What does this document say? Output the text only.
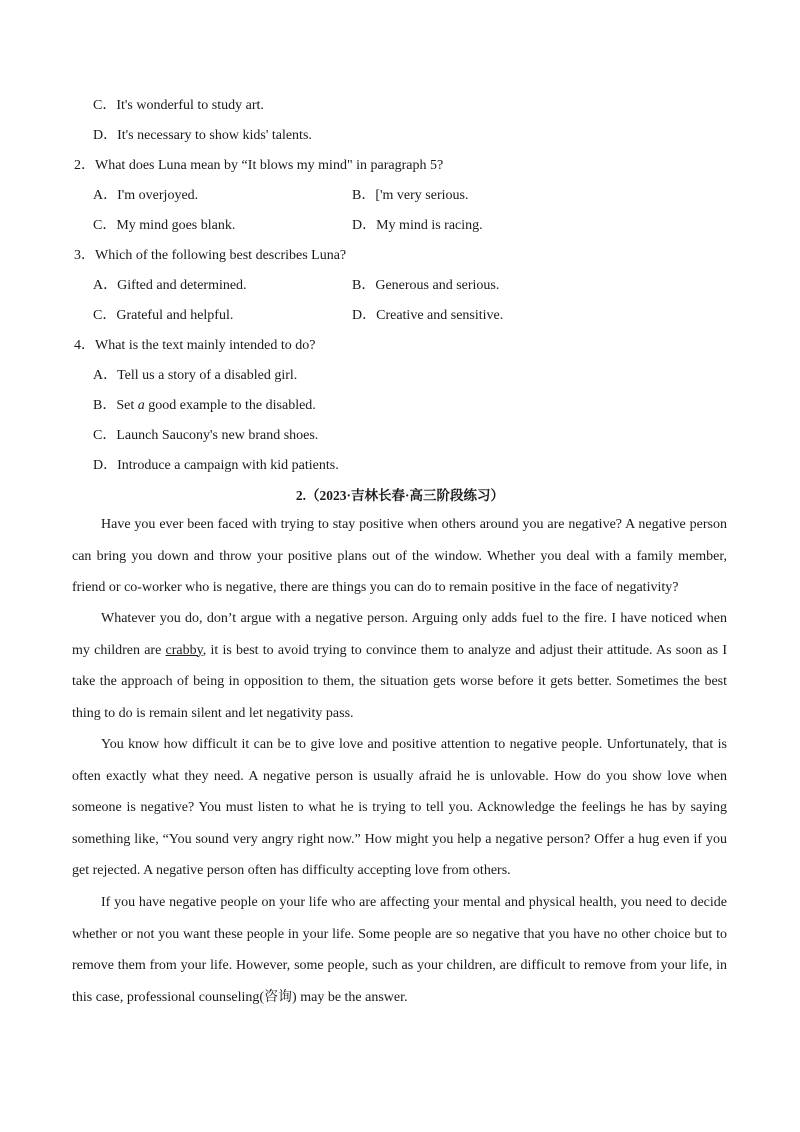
C．It's wonderful to study art.
D．It's necessary to show kids' talents.
2．What does Luna mean by “It blows my mind" in paragraph 5?
A．I'm overjoyed.	B．['m very serious.
C．My mind goes blank.	D．My mind is racing.
3．Which of the following best describes Luna?
A．Gifted and determined.	B．Generous and serious.
C．Grateful and helpful.	D．Creative and sensitive.
4．What is the text mainly intended to do?
A．Tell us a story of a disabled girl.
B．Set a good example to the disabled.
C．Launch Saucony's new brand shoes.
D．Introduce a campaign with kid patients.
2.（2023·吉林长春·高三阶段练习）
Have you ever been faced with trying to stay positive when others around you are negative? A negative person can bring you down and throw your positive plans out of the window. Whether you deal with a family member, friend or co-worker who is negative, there are things you can do to remain positive in the face of negativity?
Whatever you do, don’t argue with a negative person. Arguing only adds fuel to the fire. I have noticed when my children are crabby, it is best to avoid trying to convince them to analyze and adjust their attitude. As soon as I take the approach of being in opposition to them, the situation gets worse before it gets better. Sometimes the best thing to do is remain silent and let negativity pass.
You know how difficult it can be to give love and positive attention to negative people. Unfortunately, that is often exactly what they need. A negative person is usually afraid he is unlovable. How do you show love when someone is negative? You must listen to what he is trying to tell you. Acknowledge the feelings he has by saying something like, “You sound very angry right now.” How might you help a negative person? Offer a hug even if you get rejected. A negative person often has difficulty accepting love from others.
If you have negative people on your life who are affecting your mental and physical health, you need to decide whether or not you want these people in your life. Some people are so negative that you have no other choice but to remove them from your life. However, some people, such as your children, are difficult to remove from your life, in this case, professional counseling(咨询) may be the answer.
